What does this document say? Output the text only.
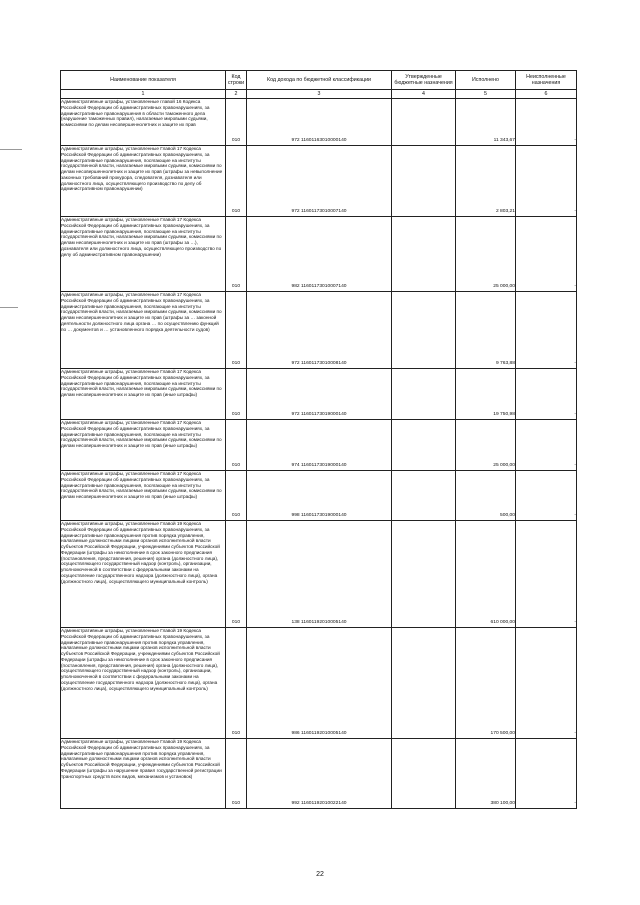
Наименование показателя	Код строки	Код дохода по бюджетной классификации	Утвержденные бюджетные назначения	Исполнено	Неисполненные назначения
1	2	3	4	5	6
Административные штрафы, установленные главой 16 Кодекса Российской Федерации об административных правонарушениях, за административные правонарушения в области таможенного дела (нарушение таможенных правил), налагаемые мировыми судьями, комиссиями по делам несовершеннолетних и защите их прав	010	972 11601163010000140		11 343,67	-
Административные штрафы, установленные Главой 17 Кодекса Российской Федерации об административных правонарушениях, за административные правонарушения, посягающие на институты государственной власти, налагаемые мировыми судьями, комиссиями по делам несовершеннолетних и защите их прав (штрафы за невыполнение законных требований прокурора, следователя, дознавателя или должностного лица, осуществляющего производство по делу об административном правонарушении)	010	972 11601173010007140		2 803,21	-
Административные штрафы, установленные Главой 17 Кодекса Российской Федерации об административных правонарушениях, за административные правонарушения, посягающие на институты государственной власти, налагаемые мировыми судьями, комиссиями по делам несовершеннолетних и защите их прав (штрафы за …), дознавателя или должностного лица, осуществляющего производство по делу об административном правонарушении)	010	982 11601173010007140		25 000,00	-
Административные штрафы, установленные Главой 17 Кодекса Российской Федерации об административных правонарушениях, за административные правонарушения, посягающие на институты государственной власти, налагаемые мировыми судьями, комиссиями по делам несовершеннолетних и защите их прав (штрафы за … законной деятельности должностного лица органа … по осуществлению функций по … документов и … установленного порядка деятельности судов)	010	972 11601173010008140		9 763,88	-
Административные штрафы, установленные Главой 17 Кодекса Российской Федерации об административных правонарушениях, за административные правонарушения, посягающие на институты государственной власти, налагаемые мировыми судьями, комиссиями по делам несовершеннолетних и защите их прав (иные штрафы)	010	972 11601173019000140		19 750,98	-
Административные штрафы, установленные Главой 17 Кодекса Российской Федерации об административных правонарушениях, за административные правонарушения, посягающие на институты государственной власти, налагаемые мировыми судьями, комиссиями по делам несовершеннолетних и защите их прав (иные штрафы)	010	974 11601173019000140		25 000,00	-
Административные штрафы, установленные Главой 17 Кодекса Российской Федерации об административных правонарушениях, за административные правонарушения, посягающие на институты государственной власти, налагаемые мировыми судьями, комиссиями по делам несовершеннолетних и защите их прав (иные штрафы)	010	998 11601173019000140		500,00	-
Административные штрафы, установленные Главой 19 Кодекса Российской Федерации об административных правонарушениях, за административные правонарушения против порядка управления, налагаемые должностными лицами органов исполнительной власти субъектов Российской Федерации, учреждениями субъектов Российской Федерации (штрафы за неисполнение в срок законного предписания (постановления, представления, решения) органа (должностного лица), осуществляющего государственный надзор (контроль), организации, уполномоченной в соответствии с федеральными законами на осуществление государственного надзора (должностного лица), органа (должностного лица), осуществляющего муниципальный контроль)	010	138 11601192010005140		610 000,00	-
Административные штрафы, установленные Главой 19 Кодекса Российской Федерации об административных правонарушениях, за административные правонарушения против порядка управления, налагаемые должностными лицами органов исполнительной власти субъектов Российской Федерации, учреждениями субъектов Российской Федерации (штрафы за неисполнение в срок законного предписания (постановления, представления, решения) органа (должностного лица), осуществляющего государственный надзор (контроль), организации, уполномоченной в соответствии с федеральными законами на осуществление государственного надзора (должностного лица), органа (должностного лица), осуществляющего муниципальный контроль)	010	986 11601192010005140		170 500,00	-
Административные штрафы, установленные Главой 19 Кодекса Российской Федерации об административных правонарушениях, за административные правонарушения против порядка управления, налагаемые должностными лицами органов исполнительной власти субъектов Российской Федерации, учреждениями субъектов Российской Федерации (штрафы за нарушение правил государственной регистрации транспортных средств всех видов, механизмов и установок)	010	992 11601192010022140		380 100,00	-
22
